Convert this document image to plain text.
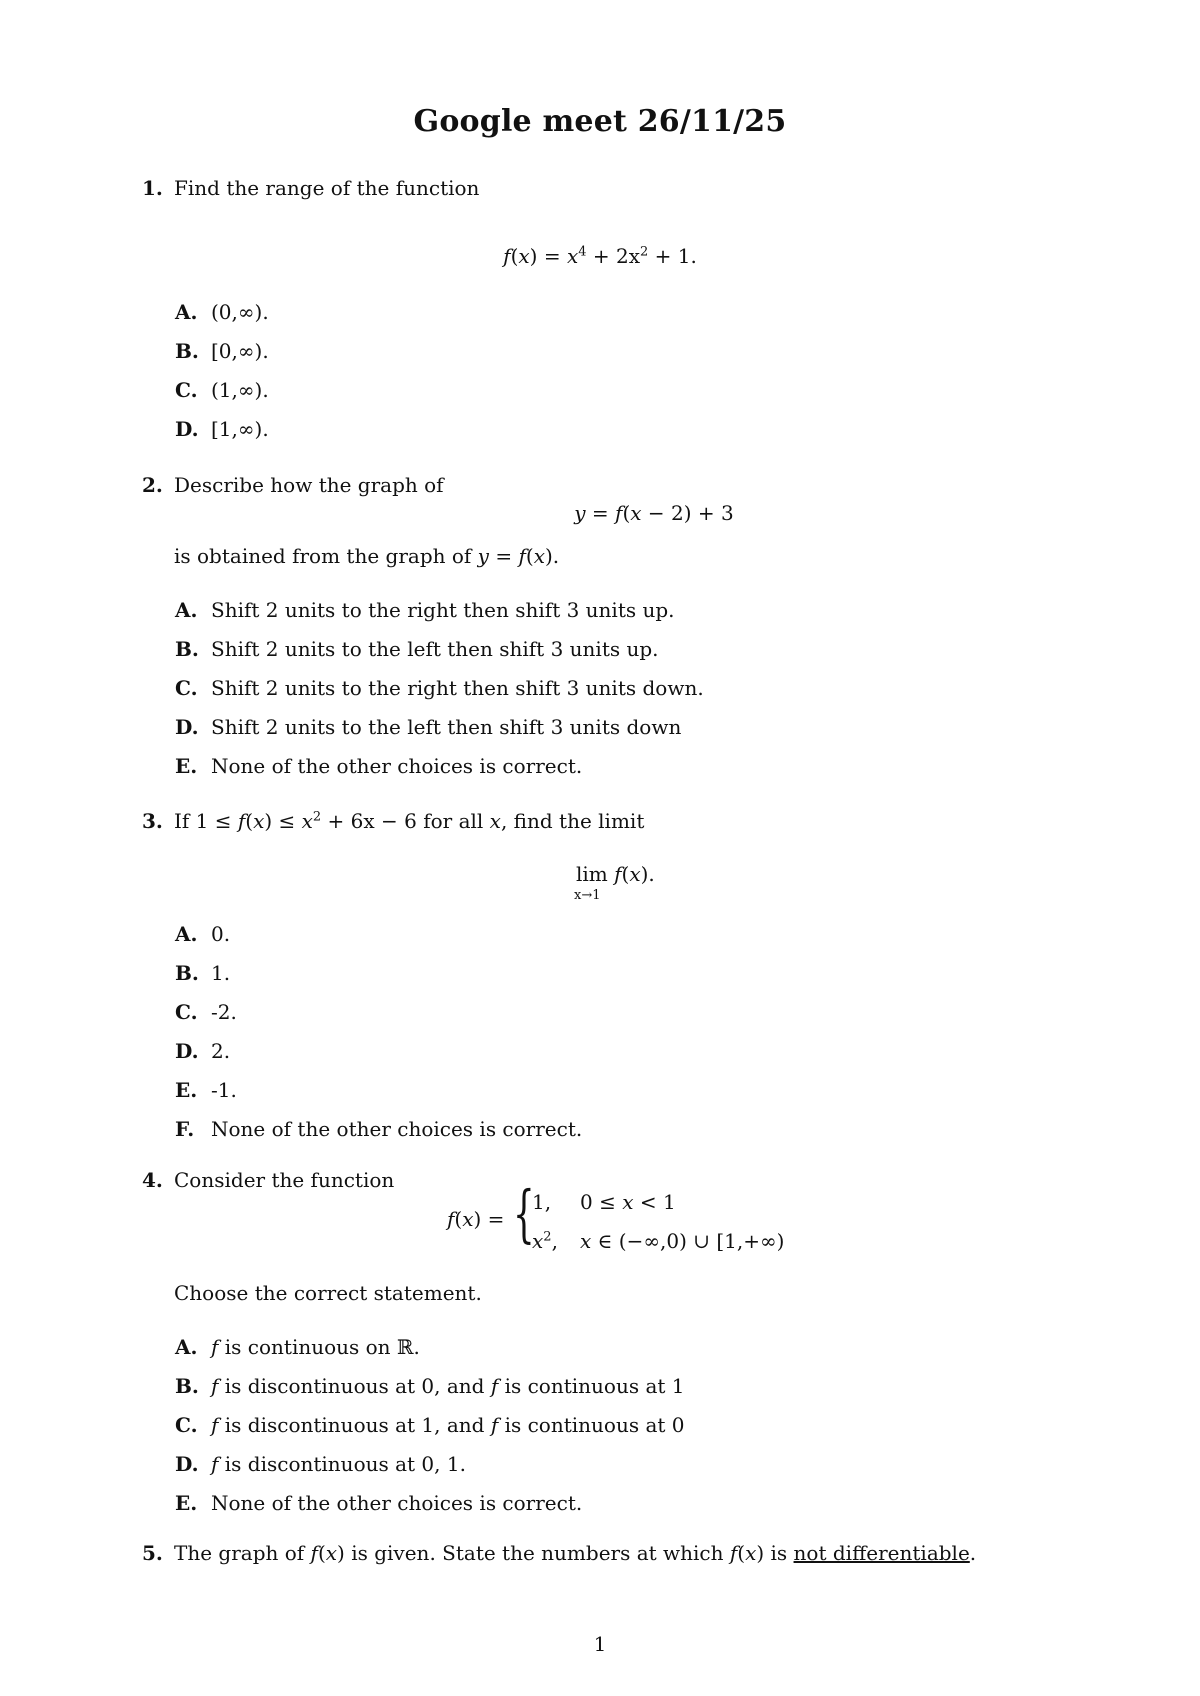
Google meet 26/11/25
1. Find the range of the function
$f(x) = x^4 + 2x^2 + 1$.
A. (0,∞).
B. [0,∞).
C. (1,∞).
D. [1,∞).
2. Describe how the graph of
y = f(x − 2) + 3
is obtained from the graph of y = f(x).
A. Shift 2 units to the right then shift 3 units up.
B. Shift 2 units to the left then shift 3 units up.
C. Shift 2 units to the right then shift 3 units down.
D. Shift 2 units to the left then shift 3 units down
E. None of the other choices is correct.
3. If $1 \le f(x) \le x^2 + 6x - 6$ for all x, find the limit
lim f(x).
x→1
A. 0.
B. 1.
C. -2.
D. 2.
E. -1.
F. None of the other choices is correct.
4. Consider the function
f(x) = {
1, 0 ≤ x < 1
$x^2$, x ∈ (−∞,0) ∪ [1,+∞)
Choose the correct statement.
A. f is continuous on ℝ.
B. f is discontinuous at 0, and f is continuous at 1
C. f is discontinuous at 1, and f is continuous at 0
D. f is discontinuous at 0, 1.
E. None of the other choices is correct.
5. The graph of f(x) is given. State the numbers at which f(x) is not differentiable.
1
